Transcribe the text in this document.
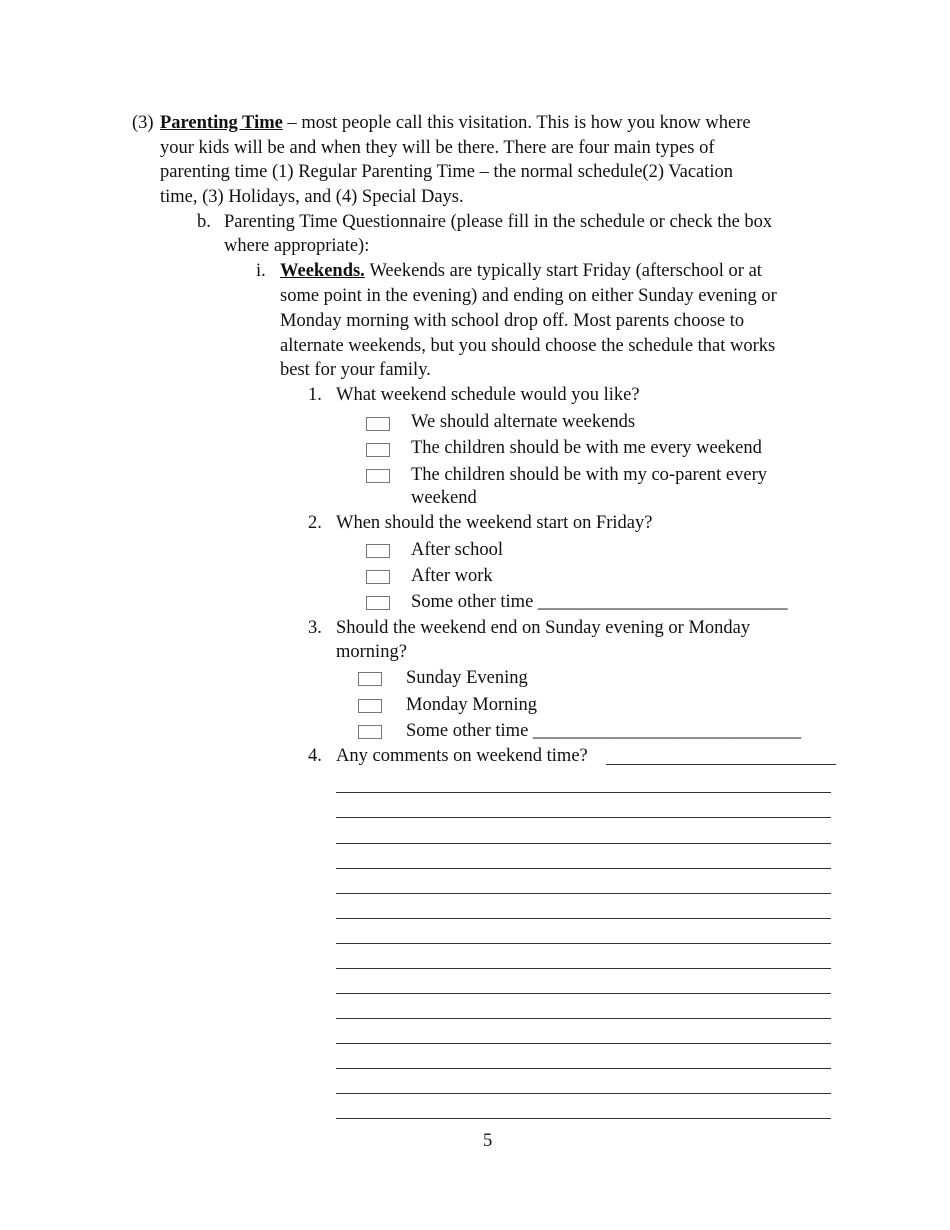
(3) Parenting Time – most people call this visitation. This is how you know where
your kids will be and when they will be there. There are four main types of
parenting time (1) Regular Parenting Time – the normal schedule(2) Vacation
time, (3) Holidays, and (4) Special Days.
b. Parenting Time Questionnaire (please fill in the schedule or check the box
where appropriate):
i. Weekends. Weekends are typically start Friday (afterschool or at
some point in the evening) and ending on either Sunday evening or
Monday morning with school drop off. Most parents choose to
alternate weekends, but you should choose the schedule that works
best for your family.
1. What weekend schedule would you like?
We should alternate weekends
The children should be with me every weekend
The children should be with my co-parent every
weekend
2. When should the weekend start on Friday?
After school
After work
Some other time ___________________________
3. Should the weekend end on Sunday evening or Monday
morning?
Sunday Evening
Monday Morning
Some other time _____________________________
4. Any comments on weekend time?
5
